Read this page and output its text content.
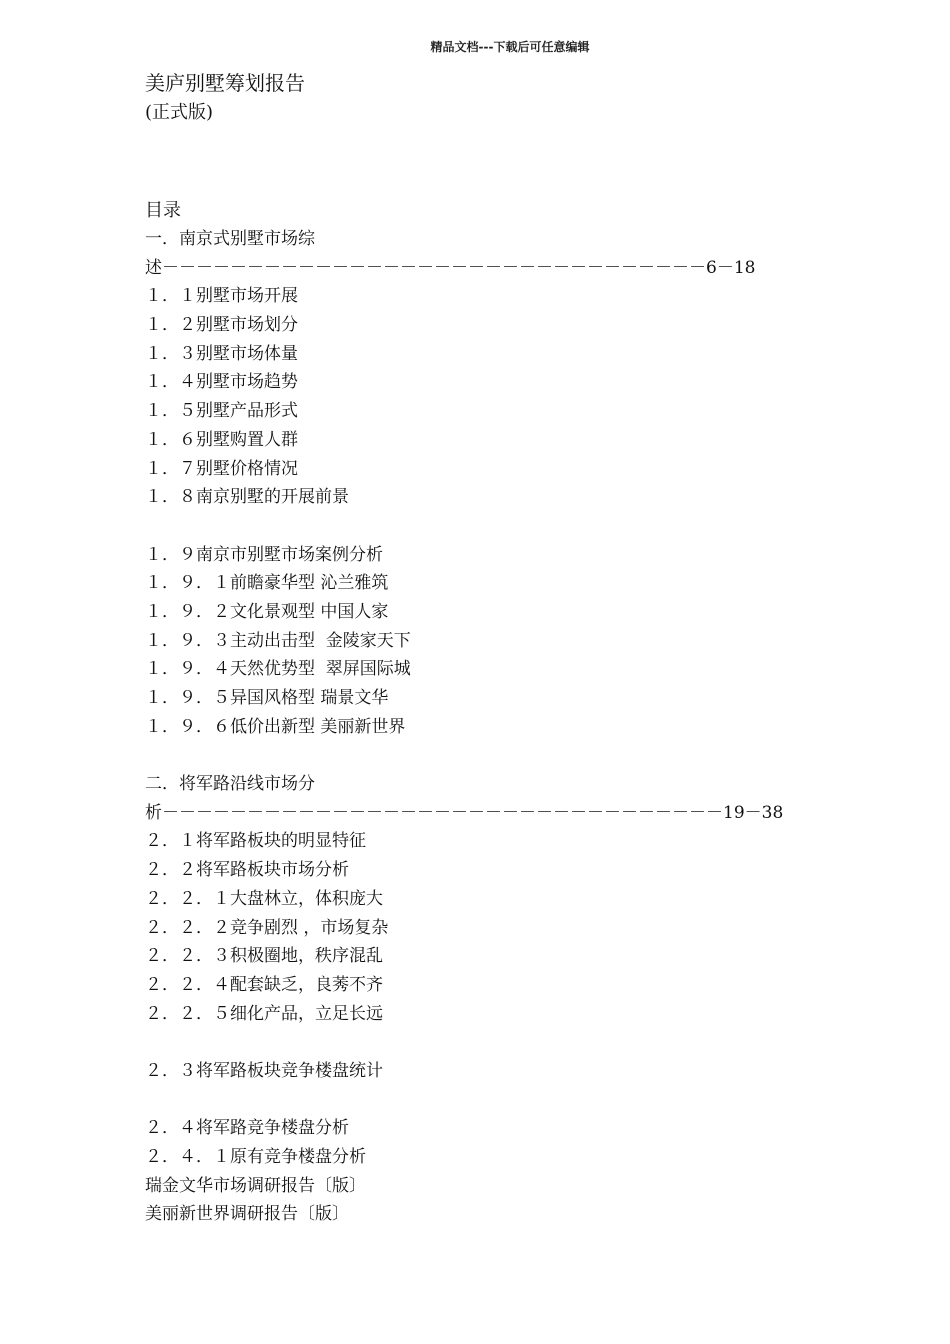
精品文档---下载后可任意编辑
美庐别墅筹划报告
(正式版)
目录
一．南京式别墅市场综
述－－－－－－－－－－－－－－－－－－－－－－－－－－－－－－－－6－18
１．１别墅市场开展
１．２别墅市场划分
１．３别墅市场体量
１．４别墅市场趋势
１．５别墅产品形式
１．６别墅购置人群
１．７别墅价格情况
１．８南京别墅的开展前景
１．９南京市别墅市场案例分析
１．９．１前瞻豪华型 沁兰雅筑
１．９．２文化景观型 中国人家
１．９．３主动出击型  金陵家天下
１．９．４天然优势型  翠屏国际城
１．９．５异国风格型 瑞景文华
１．９．６低价出新型 美丽新世界
二．将军路沿线市场分
析－－－－－－－－－－－－－－－－－－－－－－－－－－－－－－－－－19－38
２．１将军路板块的明显特征
２．２将军路板块市场分析
２．２．１大盘林立，体积庞大
２．２．２竞争剧烈 ，市场复杂
２．２．３积极圈地，秩序混乱
２．２．４配套缺乏，良莠不齐
２．２．５细化产品，立足长远
２．３将军路板块竞争楼盘统计
２．４将军路竞争楼盘分析
２．４．１原有竞争楼盘分析
瑞金文华市场调研报告〔版〕
美丽新世界调研报告〔版〕
